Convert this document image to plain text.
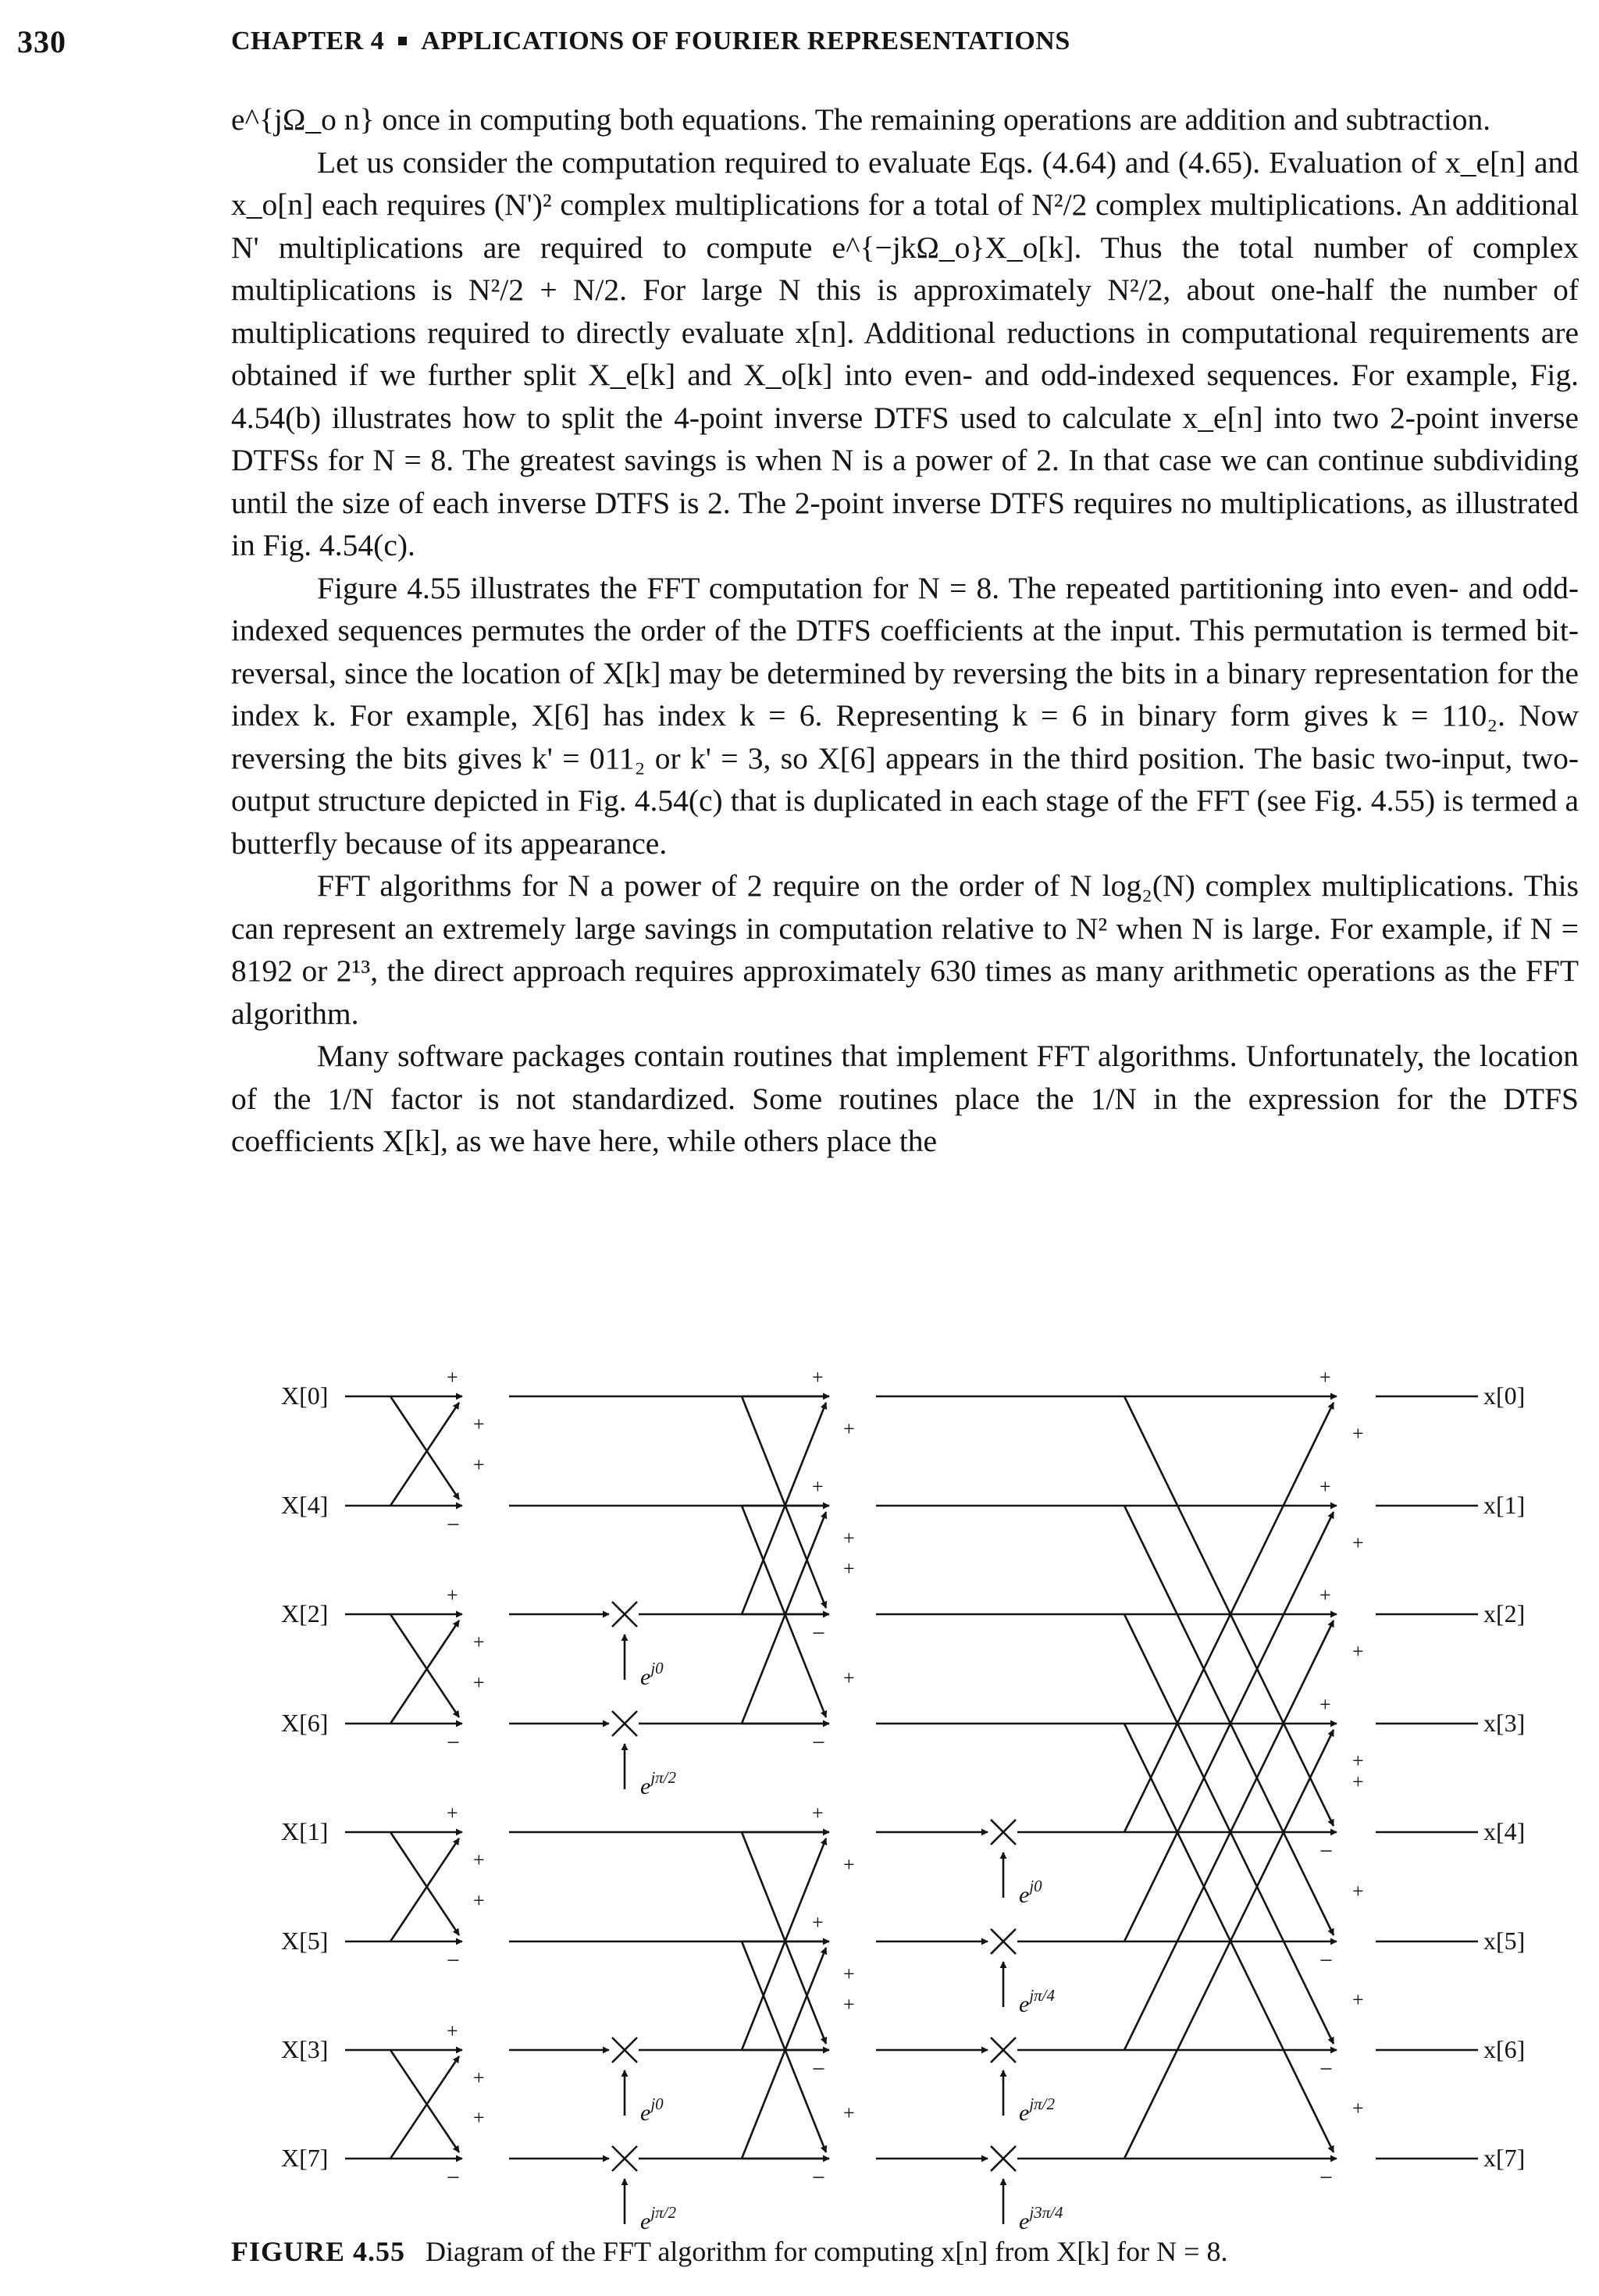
330	CHAPTER 4 APPLICATIONS OF FOURIER REPRESENTATIONS

e^{jΩ_o n} once in computing both equations. The remaining operations are addition and subtraction.

Let us consider the computation required to evaluate Eqs. (4.64) and (4.65). Evaluation of x_e[n] and x_o[n] each requires (N')² complex multiplications for a total of N²/2 complex multiplications. An additional N' multiplications are required to compute e^{−jkΩ_o}X_o[k]. Thus the total number of complex multiplications is N²/2 + N/2. For large N this is approximately N²/2, about one-half the number of multiplications required to directly evaluate x[n]. Additional reductions in computational requirements are obtained if we further split X_e[k] and X_o[k] into even- and odd-indexed sequences. For example, Fig. 4.54(b) illustrates how to split the 4-point inverse DTFS used to calculate x_e[n] into two 2-point inverse DTFSs for N = 8. The greatest savings is when N is a power of 2. In that case we can continue subdividing until the size of each inverse DTFS is 2. The 2-point inverse DTFS requires no multiplications, as illustrated in Fig. 4.54(c).

Figure 4.55 illustrates the FFT computation for N = 8. The repeated partitioning into even- and odd-indexed sequences permutes the order of the DTFS coefficients at the input. This permutation is termed bit-reversal, since the location of X[k] may be determined by reversing the bits in a binary representation for the index k. For example, X[6] has index k = 6. Representing k = 6 in binary form gives k = 110₂. Now reversing the bits gives k' = 011₂ or k' = 3, so X[6] appears in the third position. The basic two-input, two-output structure depicted in Fig. 4.54(c) that is duplicated in each stage of the FFT (see Fig. 4.55) is termed a butterfly because of its appearance.

FFT algorithms for N a power of 2 require on the order of N log₂(N) complex multiplications. This can represent an extremely large savings in computation relative to N² when N is large. For example, if N = 8192 or 2¹³, the direct approach requires approximately 630 times as many arithmetic operations as the FFT algorithm.

Many software packages contain routines that implement FFT algorithms. Unfortunately, the location of the 1/N factor is not standardized. Some routines place the 1/N in the expression for the DTFS coefficients X[k], as we have here, while others place the

X[0]
X[4]
X[2]
X[6]
X[1]
X[5]
X[3]
X[7]
x[0]
x[1]
x[2]
x[3]
x[4]
x[5]
x[6]
x[7]
+
+
+
−
+
+
+
−
+
+
+
−
+
+
+
−
$e^{j0}$
$e^{j\pi/2}$
$e^{j0}$
$e^{j\pi/2}$
+
+
+
−
+
+
+
−
+
+
+
−
+
+
+
−
$e^{j0}$
$e^{j\pi/4}$
$e^{j\pi/2}$
$e^{j3\pi/4}$
+
+
+
−
+
+
+
−
+
+
+
−
+
+
+
−
FIGURE 4.55 Diagram of the FFT algorithm for computing x[n] from X[k] for N = 8.
